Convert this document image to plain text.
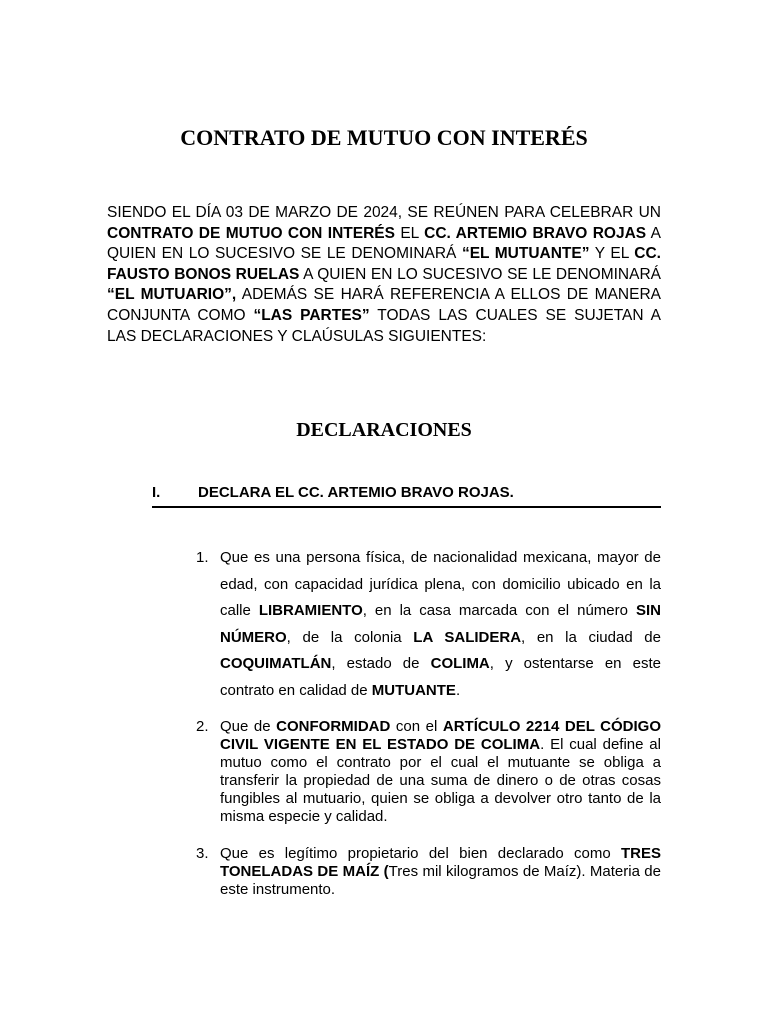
CONTRATO DE MUTUO CON INTERÉS

SIENDO EL DÍA 03 DE MARZO DE 2024, SE REÚNEN PARA CELEBRAR UN CONTRATO DE MUTUO CON INTERÉS EL CC. ARTEMIO BRAVO ROJAS A QUIEN EN LO SUCESIVO SE LE DENOMINARÁ “EL MUTUANTE” Y EL CC. FAUSTO BONOS RUELAS A QUIEN EN LO SUCESIVO SE LE DENOMINARÁ “EL MUTUARIO”, ADEMÁS SE HARÁ REFERENCIA A ELLOS DE MANERA CONJUNTA COMO “LAS PARTES” TODAS LAS CUALES SE SUJETAN A LAS DECLARACIONES Y CLAÚSULAS SIGUIENTES:

DECLARACIONES
I.	DECLARA EL CC. ARTEMIO BRAVO ROJAS.
1. Que es una persona física, de nacionalidad mexicana, mayor de edad, con capacidad jurídica plena, con domicilio ubicado en la calle LIBRAMIENTO, en la casa marcada con el número SIN NÚMERO, de la colonia LA SALIDERA, en la ciudad de COQUIMATLÁN, estado de COLIMA, y ostentarse en este contrato en calidad de MUTUANTE.
2. Que de CONFORMIDAD con el ARTÍCULO 2214 DEL CÓDIGO CIVIL VIGENTE EN EL ESTADO DE COLIMA. El cual define al mutuo como el contrato por el cual el mutuante se obliga a transferir la propiedad de una suma de dinero o de otras cosas fungibles al mutuario, quien se obliga a devolver otro tanto de la misma especie y calidad.
3. Que es legítimo propietario del bien declarado como TRES TONELADAS DE MAÍZ (Tres mil kilogramos de Maíz). Materia de este instrumento.
